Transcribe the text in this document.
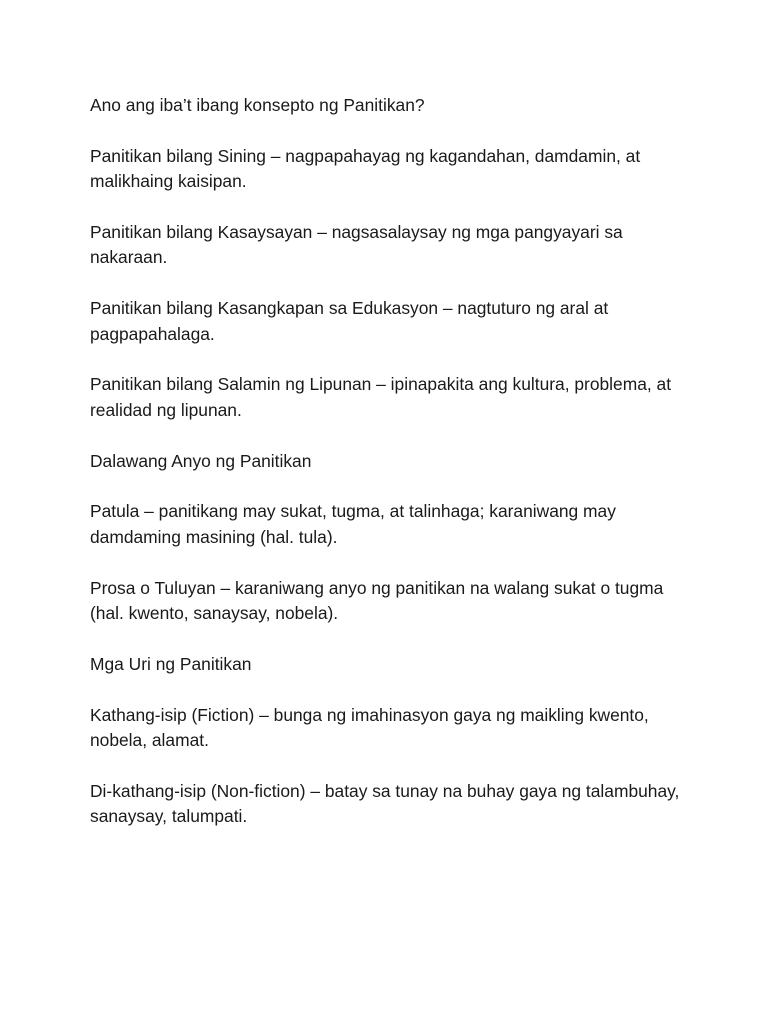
Ano ang iba’t ibang konsepto ng Panitikan?

Panitikan bilang Sining – nagpapahayag ng kagandahan, damdamin, at malikhaing kaisipan.

Panitikan bilang Kasaysayan – nagsasalaysay ng mga pangyayari sa nakaraan.

Panitikan bilang Kasangkapan sa Edukasyon – nagtuturo ng aral at pagpapahalaga.

Panitikan bilang Salamin ng Lipunan – ipinapakita ang kultura, problema, at realidad ng lipunan.

Dalawang Anyo ng Panitikan

Patula – panitikang may sukat, tugma, at talinhaga; karaniwang may damdaming masining (hal. tula).

Prosa o Tuluyan – karaniwang anyo ng panitikan na walang sukat o tugma (hal. kwento, sanaysay, nobela).

Mga Uri ng Panitikan

Kathang-isip (Fiction) – bunga ng imahinasyon gaya ng maikling kwento, nobela, alamat.

Di-kathang-isip (Non-fiction) – batay sa tunay na buhay gaya ng talambuhay, sanaysay, talumpati.
